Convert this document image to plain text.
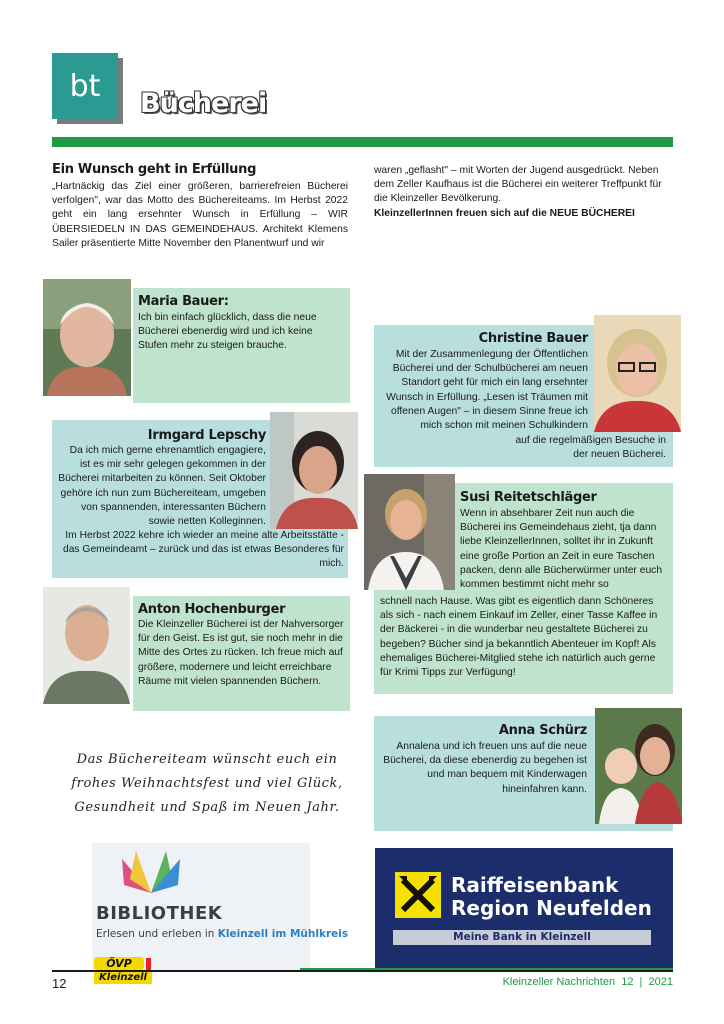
bt Bücherei
Ein Wunsch geht in Erfüllung
„Hartnäckig das Ziel einer größeren, barrierefreien Bücherei verfolgen", war das Motto des Büchereiteams. Im Herbst 2022 geht ein lang ersehnter Wunsch in Erfüllung – WIR ÜBERSIEDELN IN DAS GEMEINDEHAUS. Architekt Klemens Sailer präsentierte Mitte November den Planentwurf und wir
waren „geflasht" – mit Worten der Jugend ausgedrückt. Neben dem Zeller Kaufhaus ist die Bücherei ein weiterer Treffpunkt für die Kleinzeller Bevölkerung.
KleinzellerInnen freuen sich auf die NEUE BÜCHEREI
Maria Bauer:
Ich bin einfach glücklich, dass die neue Bücherei ebenerdig wird und ich keine Stufen mehr zu steigen brauche.	Christine Bauer
Mit der Zusammenlegung der Öffentlichen Bücherei und der Schulbücherei am neuen Standort geht für mich ein lang ersehnter Wunsch in Erfüllung. „Lesen ist Träumen mit offenen Augen" – in diesem Sinne freue ich mich schon mit meinen Schulkindern
auf die regelmäßigen Besuche in der neuen Bücherei.
Irmgard Lepschy
Da ich mich gerne ehrenamtlich engagiere, ist es mir sehr gelegen gekommen in der Bücherei mitarbeiten zu können. Seit Oktober gehöre ich nun zum Büchereiteam, umgeben von spannenden, interessanten Büchern sowie netten Kolleginnen.
Im Herbst 2022 kehre ich wieder an meine alte Arbeitsstätte - das Gemeindeamt – zurück und das ist etwas Besonderes für mich.
Susi Reitetschläger
Wenn in absehbarer Zeit nun auch die Bücherei ins Gemeindehaus zieht, tja dann liebe KleinzellerInnen, solltet ihr in Zukunft eine große Portion an Zeit in eure Taschen packen, denn alle Bücherwürmer unter euch kommen bestimmt nicht mehr so
schnell nach Hause. Was gibt es eigentlich dann Schöneres als sich - nach einem Einkauf im Zeller, einer Tasse Kaffee in der Bäckerei - in die wunderbar neu gestaltete Bücherei zu begeben? Bücher sind ja bekanntlich Abenteuer im Kopf! Als ehemaliges Bücherei-Mitglied stehe ich natürlich auch gerne für Krimi Tipps zur Verfügung!
Anton Hochenburger
Die Kleinzeller Bücherei ist der Nahversorger für den Geist. Es ist gut, sie noch mehr in die Mitte des Ortes zu rücken. Ich freue mich auf größere, modernere und leicht erreichbare Räume mit vielen spannenden Büchern.
Anna Schürz
Annalena und ich freuen uns auf die neue Bücherei, da diese ebenerdig zu begehen ist und man bequem mit Kinderwagen hineinfahren kann.
Das Büchereiteam wünscht euch ein frohes Weihnachtsfest und viel Glück, Gesundheit und Spaß im Neuen Jahr.
BIBLIOTHEK
Erlesen und erleben in Kleinzell im Mühlkreis
Raiffeisenbank
Region Neufelden
Meine Bank in Kleinzell
12
ÖVP
Kleinzell	Kleinzeller Nachrichten  12  |  2021
